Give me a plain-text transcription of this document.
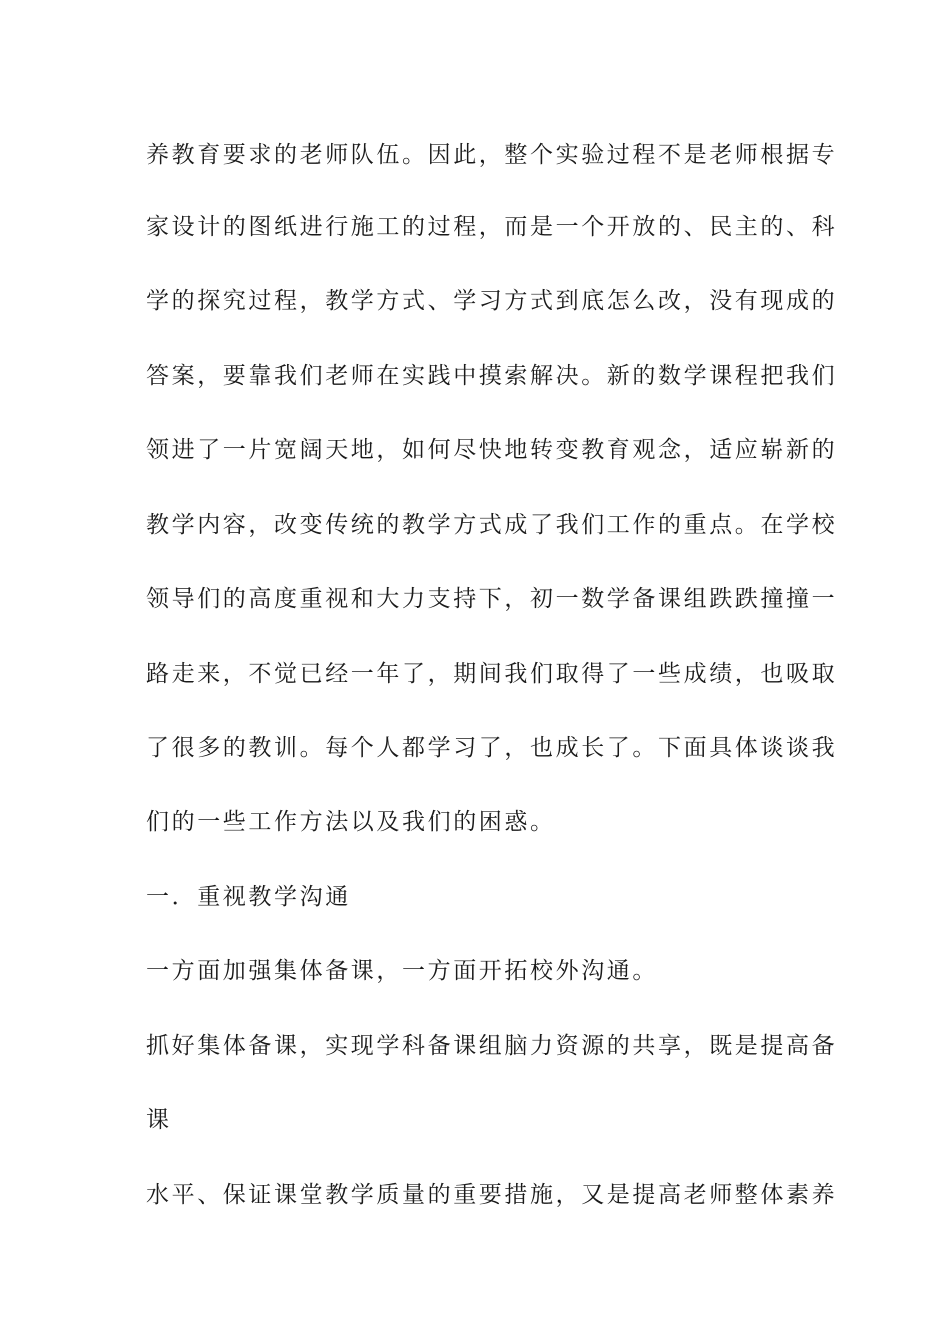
养教育要求的老师队伍。因此，整个实验过程不是老师根据专

家设计的图纸进行施工的过程，而是一个开放的、民主的、科

学的探究过程，教学方式、学习方式到底怎么改，没有现成的

答案，要靠我们老师在实践中摸索解决。新的数学课程把我们

领进了一片宽阔天地，如何尽快地转变教育观念，适应崭新的

教学内容，改变传统的教学方式成了我们工作的重点。在学校

领导们的高度重视和大力支持下，初一数学备课组跌跌撞撞一

路走来，不觉已经一年了，期间我们取得了一些成绩，也吸取

了很多的教训。每个人都学习了，也成长了。下面具体谈谈我

们的一些工作方法以及我们的困惑。

一．重视教学沟通

一方面加强集体备课，一方面开拓校外沟通。

抓好集体备课，实现学科备课组脑力资源的共享，既是提高备

课

水平、保证课堂教学质量的重要措施，又是提高老师整体素养
